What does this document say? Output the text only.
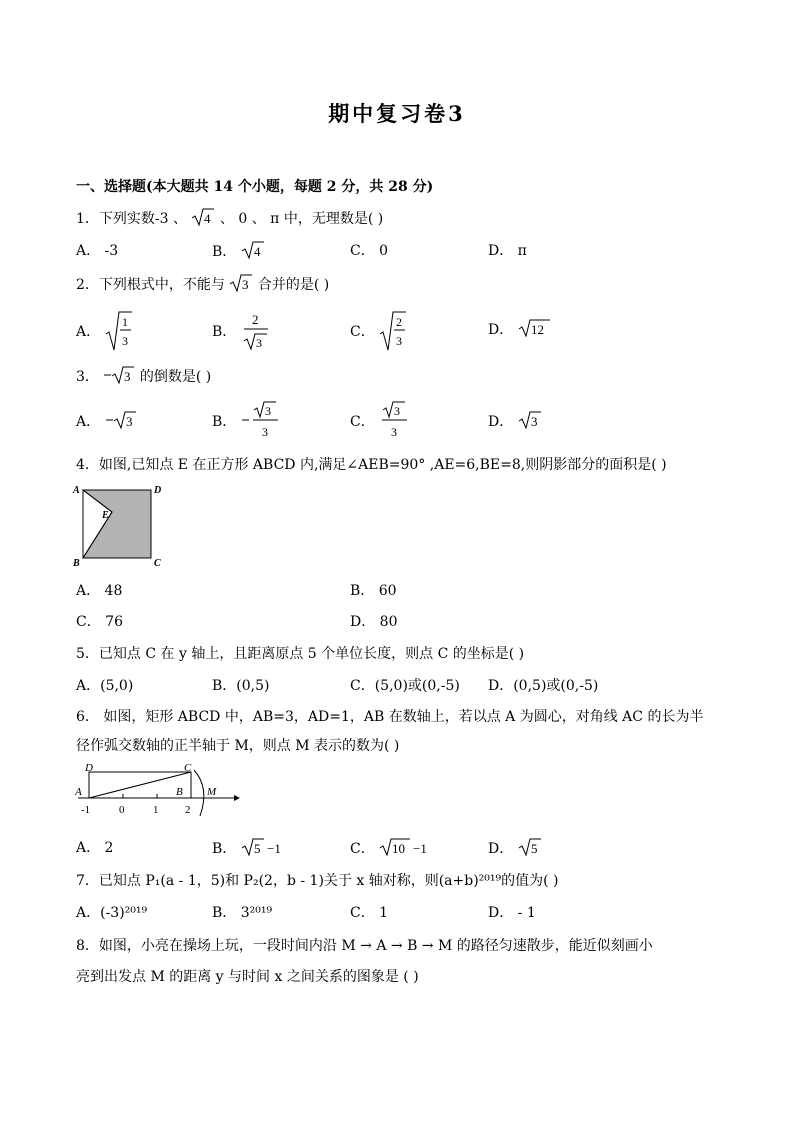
期中复习卷3
一、选择题(本大题共 14 个小题，每题 2 分，共 28 分)
1．下列实数-3 、 4 、 0 、 π 中，无理数是( )
A． -3	B． 4	C． 0	D． π
2．下列根式中，不能与 3 合并的是( )
A．
1
3
B．
2
3
C．
2
3
D． 12
3． 3 的倒数是( )
A． 3	B．
3
3
C．
3
3
D． 3
4．如图,已知点 E 在正方形 ABCD 内,满足∠AEB=90° ,AE=6,BE=8,则阴影部分的面积是( )
A	D
E
B	C
A． 48	B． 60
C． 76	D． 80
5．已知点 C 在 y 轴上，且距离原点 5 个单位长度，则点 C 的坐标是( )
A．(5,0)	B．(0,5)	C．(5,0)或(0,-5) D．(0,5)或(0,-5)
6． 如图，矩形 ABCD 中，AB=3，AD=1，AB 在数轴上，若以点 A 为圆心，对角线 AC 的长为半
径作弧交数轴的正半轴于 M，则点 M 表示的数为( )
D	C
A	B M
-1	0	1 2
A． 2	B． 5 −1	C． 10 −1	D． 5
7．已知点 P₁(a - 1，5)和 P₂(2，b - 1)关于 x 轴对称，则(a+b)²⁰¹⁹的值为( )
A．(-3)²⁰¹⁹	B． 3²⁰¹⁹	C． 1	D． - 1
8．如图，小亮在操场上玩，一段时间内沿 M → A → B → M 的路径匀速散步，能近似刻画小
亮到出发点 M 的距离 y 与时间 x 之间关系的图象是 ( )
